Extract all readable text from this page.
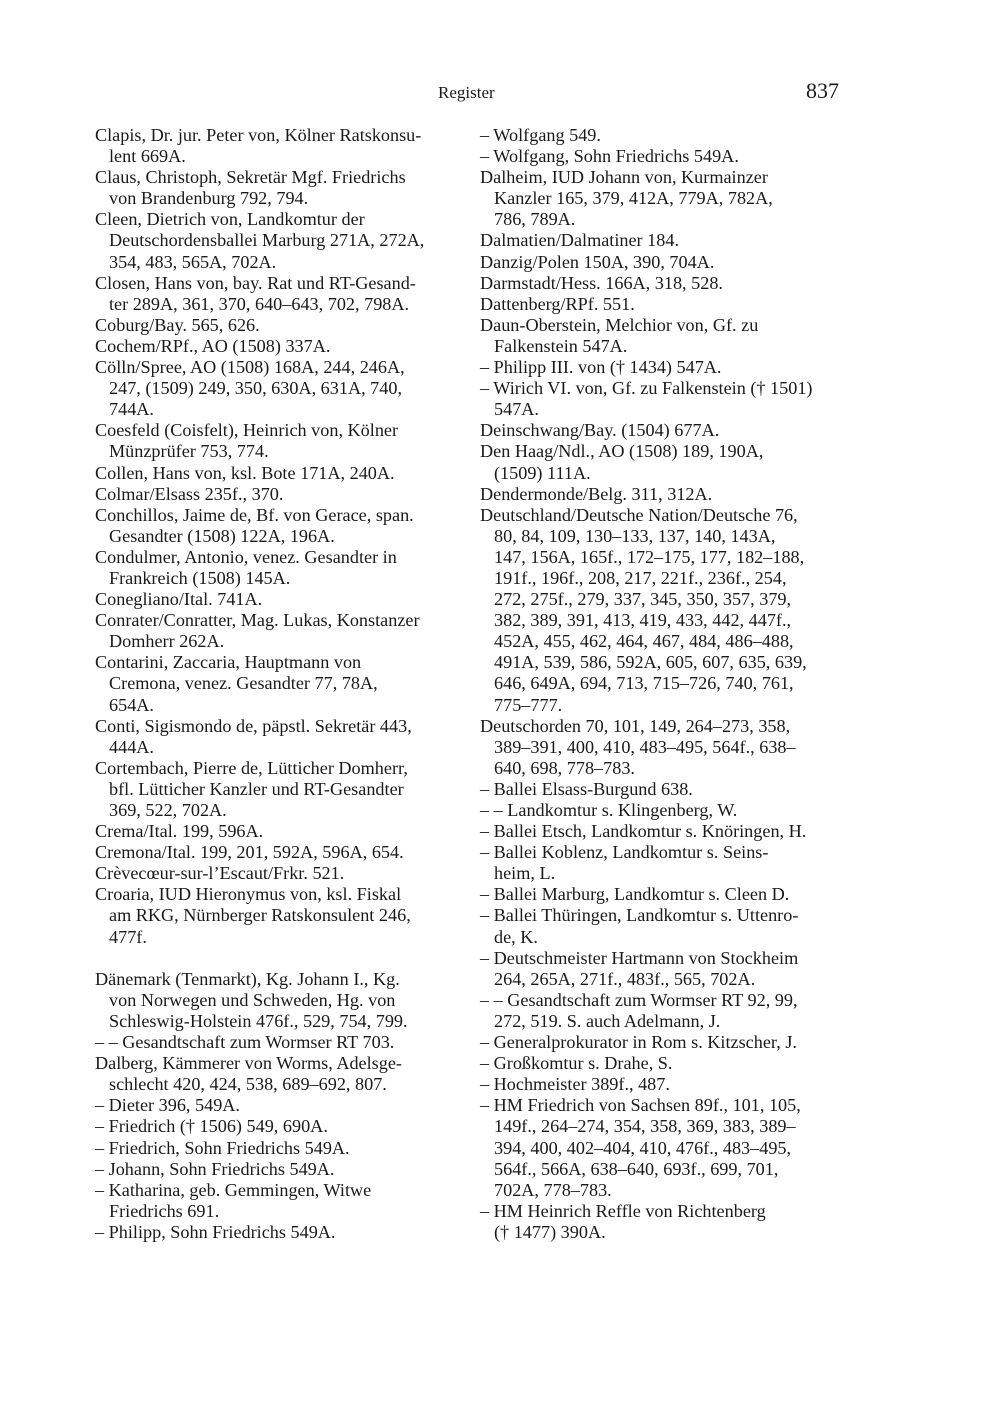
Register	837
Clapis, Dr. jur. Peter von, Kölner Ratskonsu-
lent 669A.
Claus, Christoph, Sekretär Mgf. Friedrichs
von Brandenburg 792, 794.
Cleen, Dietrich von, Landkomtur der
Deutschordensballei Marburg 271A, 272A,
354, 483, 565A, 702A.
Closen, Hans von, bay. Rat und RT-Gesand-
ter 289A, 361, 370, 640–643, 702, 798A.
Coburg/Bay. 565, 626.
Cochem/RPf., AO (1508) 337A.
Cölln/Spree, AO (1508) 168A, 244, 246A,
247, (1509) 249, 350, 630A, 631A, 740,
744A.
Coesfeld (Coisfelt), Heinrich von, Kölner
Münzprüfer 753, 774.
Collen, Hans von, ksl. Bote 171A, 240A.
Colmar/Elsass 235f., 370.
Conchillos, Jaime de, Bf. von Gerace, span.
Gesandter (1508) 122A, 196A.
Condulmer, Antonio, venez. Gesandter in
Frankreich (1508) 145A.
Conegliano/Ital. 741A.
Conrater/Conratter, Mag. Lukas, Konstanzer
Domherr 262A.
Contarini, Zaccaria, Hauptmann von
Cremona, venez. Gesandter 77, 78A,
654A.
Conti, Sigismondo de, päpstl. Sekretär 443,
444A.
Cortembach, Pierre de, Lütticher Domherr,
bfl. Lütticher Kanzler und RT-Gesandter
369, 522, 702A.
Crema/Ital. 199, 596A.
Cremona/Ital. 199, 201, 592A, 596A, 654.
Crèvecœur-sur-l’Escaut/Frkr. 521.
Croaria, IUD Hieronymus von, ksl. Fiskal
am RKG, Nürnberger Ratskonsulent 246,
477f.
Dänemark (Tenmarkt), Kg. Johann I., Kg.
von Norwegen und Schweden, Hg. von
Schleswig-Holstein 476f., 529, 754, 799.
– – Gesandtschaft zum Wormser RT 703.
Dalberg, Kämmerer von Worms, Adelsge-
schlecht 420, 424, 538, 689–692, 807.
– Dieter 396, 549A.
– Friedrich († 1506) 549, 690A.
– Friedrich, Sohn Friedrichs 549A.
– Johann, Sohn Friedrichs 549A.
– Katharina, geb. Gemmingen, Witwe
Friedrichs 691.
– Philipp, Sohn Friedrichs 549A.
– Wolfgang 549.
– Wolfgang, Sohn Friedrichs 549A.
Dalheim, IUD Johann von, Kurmainzer
Kanzler 165, 379, 412A, 779A, 782A,
786, 789A.
Dalmatien/Dalmatiner 184.
Danzig/Polen 150A, 390, 704A.
Darmstadt/Hess. 166A, 318, 528.
Dattenberg/RPf. 551.
Daun-Oberstein, Melchior von, Gf. zu
Falkenstein 547A.
– Philipp III. von († 1434) 547A.
– Wirich VI. von, Gf. zu Falkenstein († 1501)
547A.
Deinschwang/Bay. (1504) 677A.
Den Haag/Ndl., AO (1508) 189, 190A,
(1509) 111A.
Dendermonde/Belg. 311, 312A.
Deutschland/Deutsche Nation/Deutsche 76,
80, 84, 109, 130–133, 137, 140, 143A,
147, 156A, 165f., 172–175, 177, 182–188,
191f., 196f., 208, 217, 221f., 236f., 254,
272, 275f., 279, 337, 345, 350, 357, 379,
382, 389, 391, 413, 419, 433, 442, 447f.,
452A, 455, 462, 464, 467, 484, 486–488,
491A, 539, 586, 592A, 605, 607, 635, 639,
646, 649A, 694, 713, 715–726, 740, 761,
775–777.
Deutschorden 70, 101, 149, 264–273, 358,
389–391, 400, 410, 483–495, 564f., 638–
640, 698, 778–783.
– Ballei Elsass-Burgund 638.
– – Landkomtur s. Klingenberg, W.
– Ballei Etsch, Landkomtur s. Knöringen, H.
– Ballei Koblenz, Landkomtur s. Seins-
heim, L.
– Ballei Marburg, Landkomtur s. Cleen D.
– Ballei Thüringen, Landkomtur s. Uttenro-
de, K.
– Deutschmeister Hartmann von Stockheim
264, 265A, 271f., 483f., 565, 702A.
– – Gesandtschaft zum Wormser RT 92, 99,
272, 519. S. auch Adelmann, J.
– Generalprokurator in Rom s. Kitzscher, J.
– Großkomtur s. Drahe, S.
– Hochmeister 389f., 487.
– HM Friedrich von Sachsen 89f., 101, 105,
149f., 264–274, 354, 358, 369, 383, 389–
394, 400, 402–404, 410, 476f., 483–495,
564f., 566A, 638–640, 693f., 699, 701,
702A, 778–783.
– HM Heinrich Reffle von Richtenberg
(† 1477) 390A.
